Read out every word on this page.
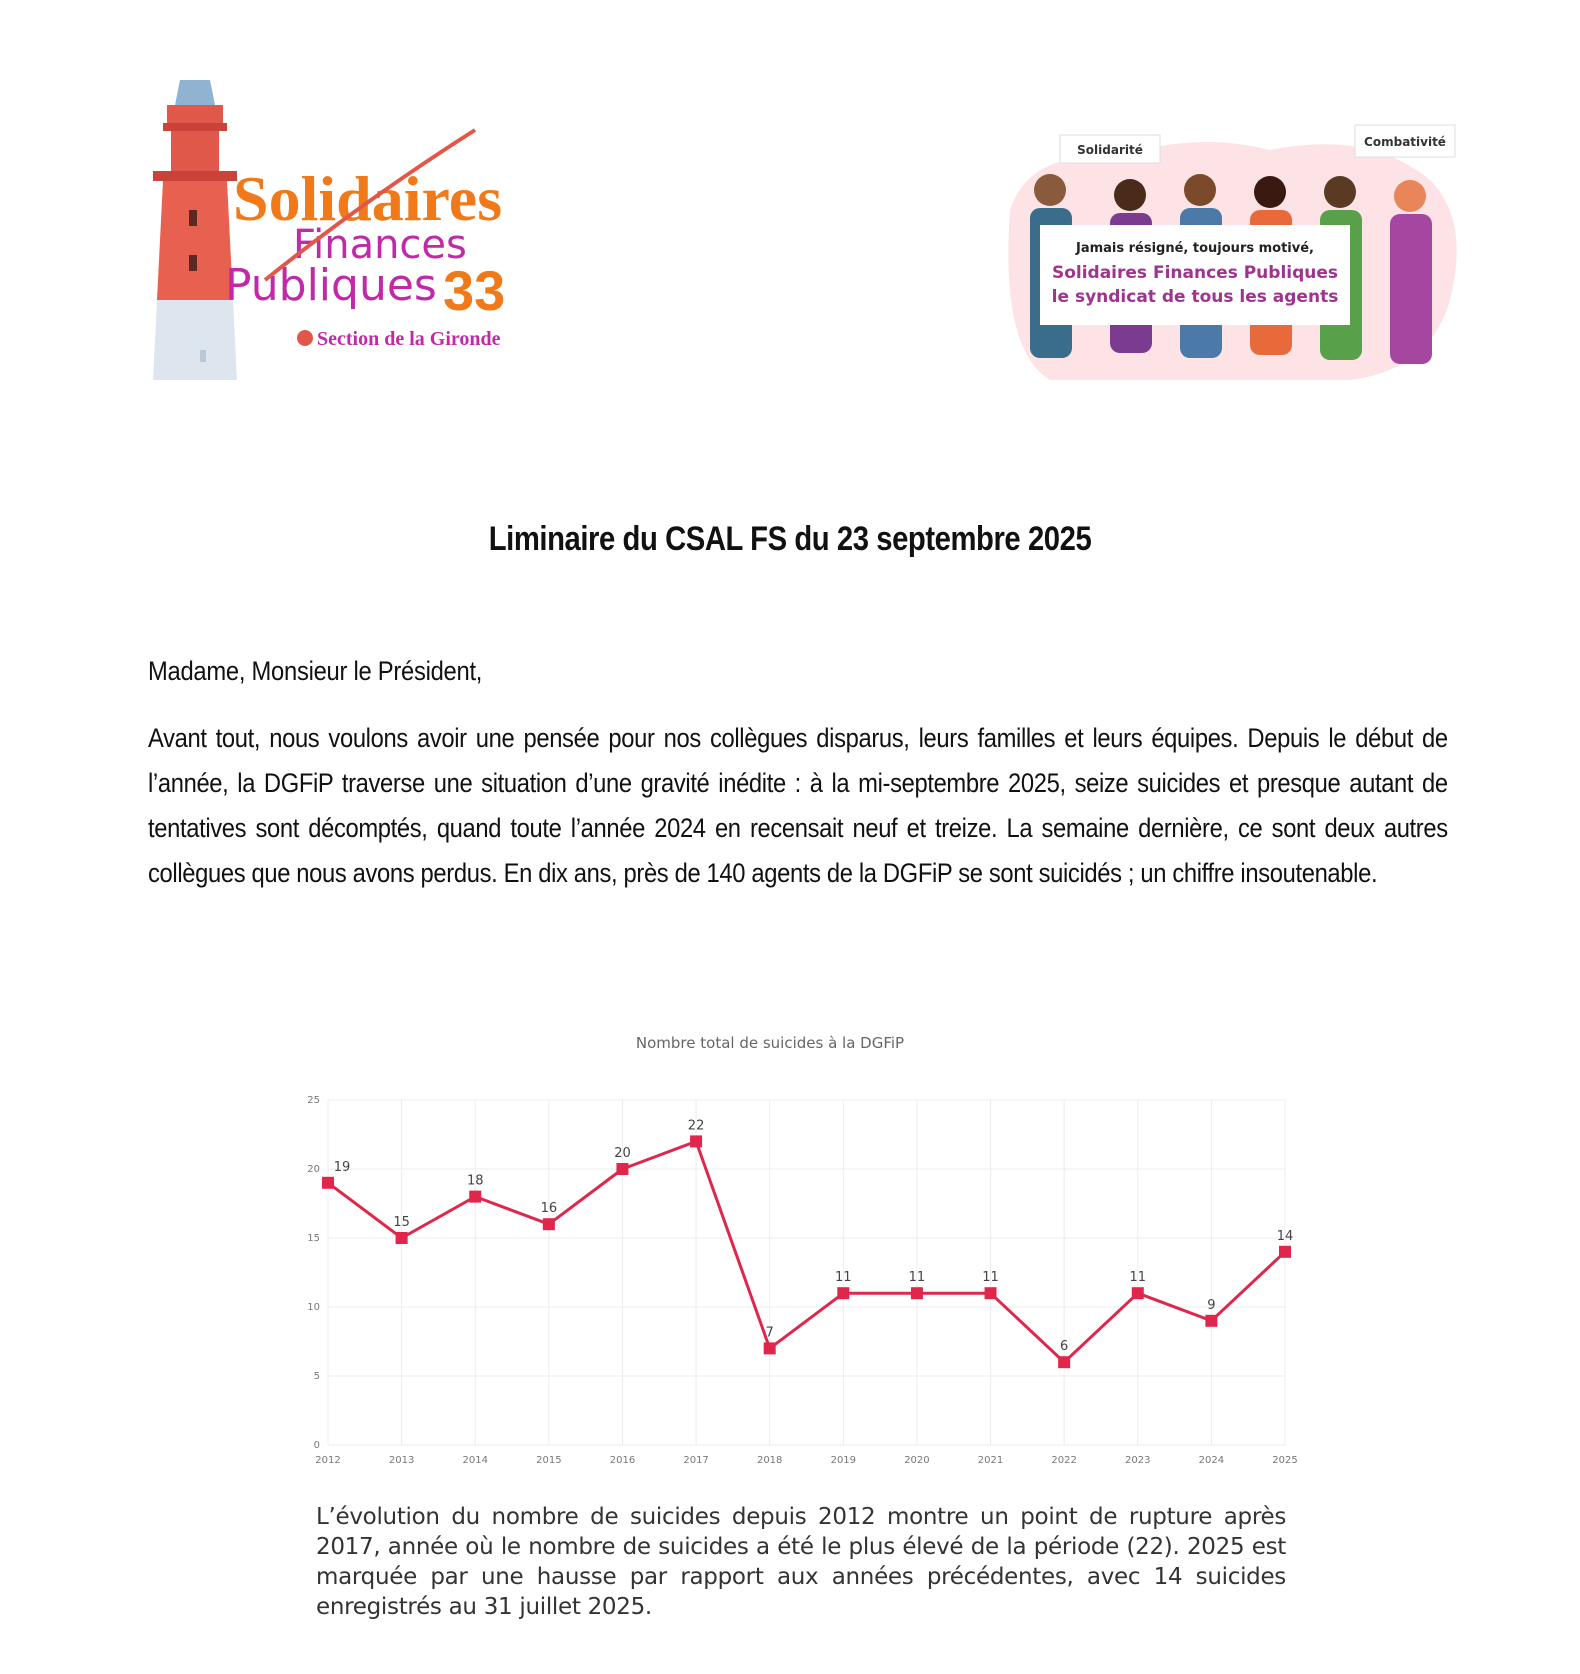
Solidaires
Finances
Publiques 33
Section de la Gironde
Solidarité
Combativité
Jamais résigné, toujours motivé,
Solidaires Finances Publiques
le syndicat de tous les agents
Liminaire du CSAL FS du 23 septembre 2025
Madame, Monsieur le Président,
Avant tout, nous voulons avoir une pensée pour nos collègues disparus, leurs familles et leurs équipes. Depuis le début de l’année, la DGFiP traverse une situation d’une gravité inédite : à la mi-septembre 2025, seize suicides et presque autant de tentatives sont décomptés, quand toute l’année 2024 en recensait neuf et treize. La semaine dernière, ce sont deux autres collègues que nous avons perdus. En dix ans, près de 140 agents de la DGFiP se sont suicidés ; un chiffre insoutenable.
Nombre total de suicides à la DGFiP
0
5
10
15
20
25
2012	2013	2014	2015	2016	2017	2018	2019	2020	2021	2022	2023	2024	2025
19
15
18
16
20
22
7
11	11	11
6
11
9
14
L’évolution du nombre de suicides depuis 2012 montre un point de rupture après 2017, année où le nombre de suicides a été le plus élevé de la période (22). 2025 est marquée par une hausse par rapport aux années précédentes, avec 14 suicides enregistrés au 31 juillet 2025.
